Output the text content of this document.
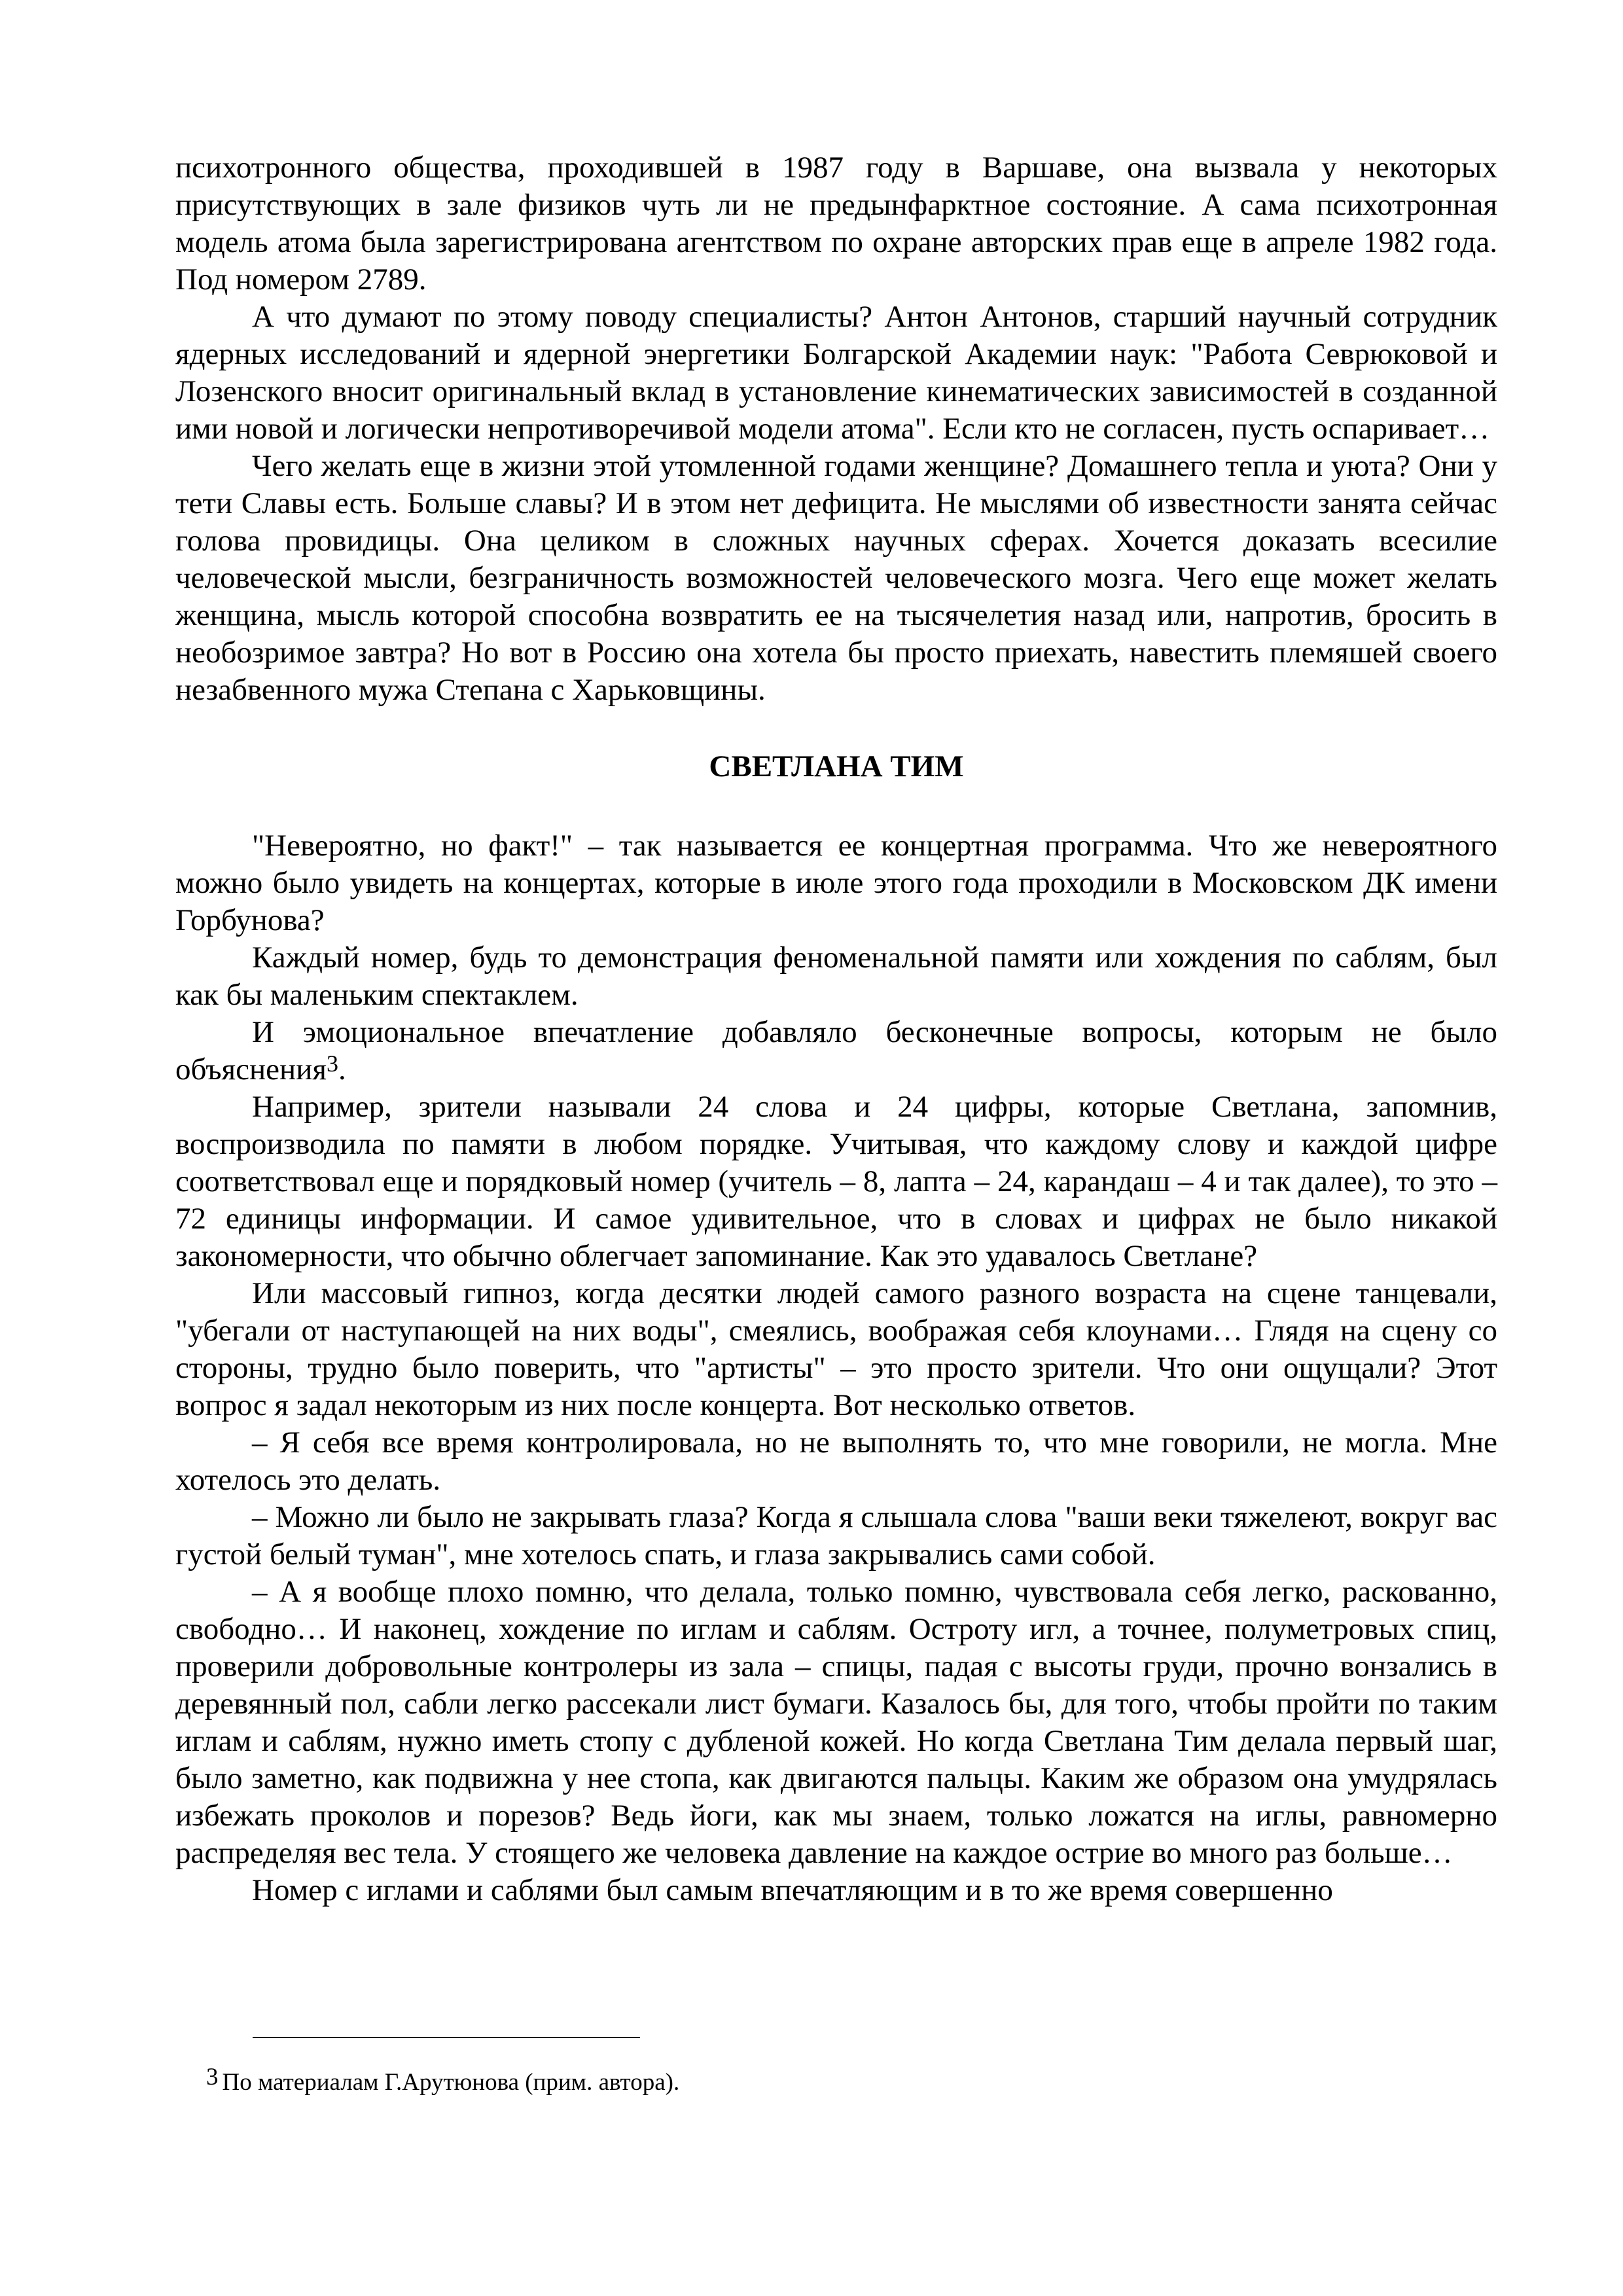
психотронного общества, проходившей в 1987 году в Варшаве, она вызвала у некоторых присутствующих в зале физиков чуть ли не предынфарктное состояние. А сама психотронная модель атома была зарегистрирована агентством по охране авторских прав еще в апреле 1982 года. Под номером 2789.

А что думают по этому поводу специалисты? Антон Антонов, старший научный сотрудник ядерных исследований и ядерной энергетики Болгарской Академии наук: "Работа Севрюковой и Лозенского вносит оригинальный вклад в установление кинематических зависимостей в созданной ими новой и логически непротиворечивой модели атома". Если кто не согласен, пусть оспаривает…

Чего желать еще в жизни этой утомленной годами женщине? Домашнего тепла и уюта? Они у тети Славы есть. Больше славы? И в этом нет дефицита. Не мыслями об известности занята сейчас голова провидицы. Она целиком в сложных научных сферах. Хочется доказать всесилие человеческой мысли, безграничность возможностей человеческого мозга. Чего еще может желать женщина, мысль которой способна возвратить ее на тысячелетия назад или, напротив, бросить в необозримое завтра? Но вот в Россию она хотела бы просто приехать, навестить племяшей своего незабвенного мужа Степана с Харьковщины.

СВЕТЛАНА ТИМ

"Невероятно, но факт!" – так называется ее концертная программа. Что же невероятного можно было увидеть на концертах, которые в июле этого года проходили в Московском ДК имени Горбунова?

Каждый номер, будь то демонстрация феноменальной памяти или хождения по саблям, был как бы маленьким спектаклем.

И эмоциональное впечатление добавляло бесконечные вопросы, которым не было объяснения$^3$.

Например, зрители называли 24 слова и 24 цифры, которые Светлана, запомнив, воспроизводила по памяти в любом порядке. Учитывая, что каждому слову и каждой цифре соответствовал еще и порядковый номер (учитель – 8, лапта – 24, карандаш – 4 и так далее), то это – 72 единицы информации. И самое удивительное, что в словах и цифрах не было никакой закономерности, что обычно облегчает запоминание. Как это удавалось Светлане?

Или массовый гипноз, когда десятки людей самого разного возраста на сцене танцевали, "убегали от наступающей на них воды", смеялись, воображая себя клоунами… Глядя на сцену со стороны, трудно было поверить, что "артисты" – это просто зрители. Что они ощущали? Этот вопрос я задал некоторым из них после концерта. Вот несколько ответов.

– Я себя все время контролировала, но не выполнять то, что мне говорили, не могла. Мне хотелось это делать.

– Можно ли было не закрывать глаза? Когда я слышала слова "ваши веки тяжелеют, вокруг вас густой белый туман", мне хотелось спать, и глаза закрывались сами собой.

– А я вообще плохо помню, что делала, только помню, чувствовала себя легко, раскованно, свободно… И наконец, хождение по иглам и саблям. Остроту игл, а точнее, полуметровых спиц, проверили добровольные контролеры из зала – спицы, падая с высоты груди, прочно вонзались в деревянный пол, сабли легко рассекали лист бумаги. Казалось бы, для того, чтобы пройти по таким иглам и саблям, нужно иметь стопу с дубленой кожей. Но когда Светлана Тим делала первый шаг, было заметно, как подвижна у нее стопа, как двигаются пальцы. Каким же образом она умудрялась избежать проколов и порезов? Ведь йоги, как мы знаем, только ложатся на иглы, равномерно распределяя вес тела. У стоящего же человека давление на каждое острие во много раз больше…

Номер с иглами и саблями был самым впечатляющим и в то же время совершенно

3 По материалам Г.Арутюнова (прим. автора).
